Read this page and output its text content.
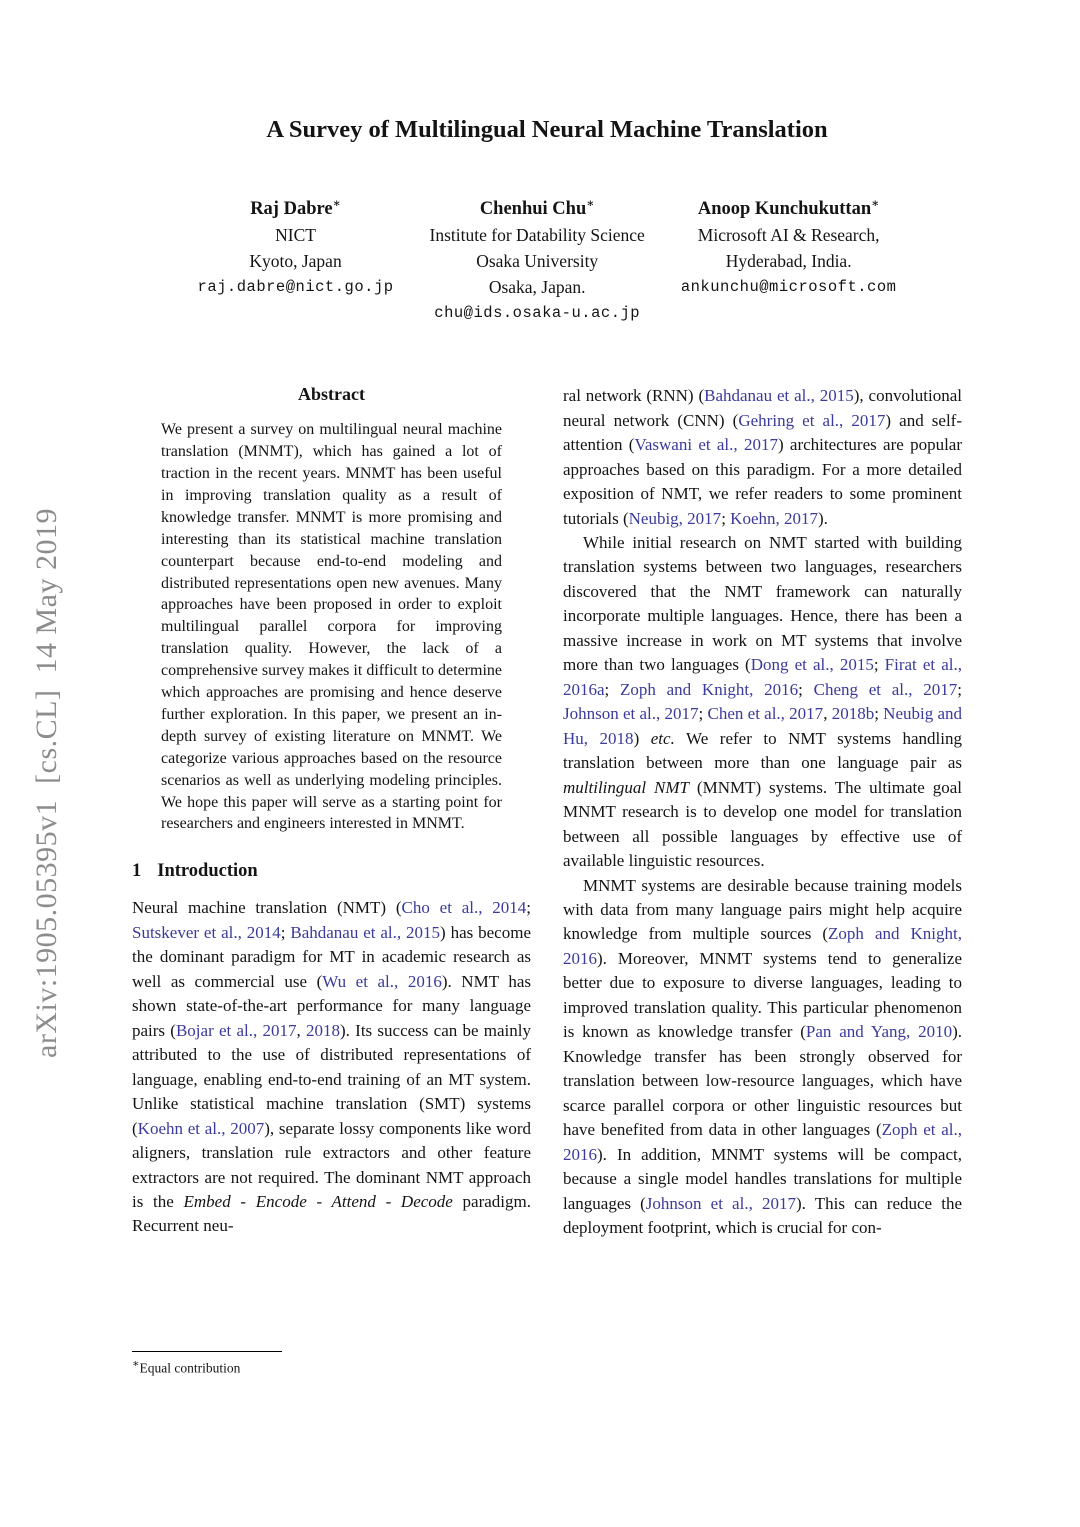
arXiv:1905.05395v1  [cs.CL]  14 May 2019
A Survey of Multilingual Neural Machine Translation
Raj Dabre∗
NICT
Kyoto, Japan
raj.dabre@nict.go.jp
Chenhui Chu∗
Institute for Datability Science
Osaka University
Osaka, Japan.
chu@ids.osaka-u.ac.jp
Anoop Kunchukuttan∗
Microsoft AI & Research,
Hyderabad, India.
ankunchu@microsoft.com
Abstract

We present a survey on multilingual neural machine translation (MNMT), which has gained a lot of traction in the recent years. MNMT has been useful in improving translation quality as a result of knowledge transfer. MNMT is more promising and interesting than its statistical machine translation counterpart because end-to-end modeling and distributed representations open new avenues. Many approaches have been proposed in order to exploit multilingual parallel corpora for improving translation quality. However, the lack of a comprehensive survey makes it difficult to determine which approaches are promising and hence deserve further exploration. In this paper, we present an in-depth survey of existing literature on MNMT. We categorize various approaches based on the resource scenarios as well as underlying modeling principles. We hope this paper will serve as a starting point for researchers and engineers interested in MNMT.

1 Introduction

Neural machine translation (NMT) (Cho et al., 2014; Sutskever et al., 2014; Bahdanau et al., 2015) has become the dominant paradigm for MT in academic research as well as commercial use (Wu et al., 2016). NMT has shown state-of-the-art performance for many language pairs (Bojar et al., 2017, 2018). Its success can be mainly attributed to the use of distributed representations of language, enabling end-to-end training of an MT system. Unlike statistical machine translation (SMT) systems (Koehn et al., 2007), separate lossy components like word aligners, translation rule extractors and other feature extractors are not required. The dominant NMT approach is the Embed - Encode - Attend - Decode paradigm. Recurrent neu-

∗Equal contribution

ral network (RNN) (Bahdanau et al., 2015), convolutional neural network (CNN) (Gehring et al., 2017) and self-attention (Vaswani et al., 2017) architectures are popular approaches based on this paradigm. For a more detailed exposition of NMT, we refer readers to some prominent tutorials (Neubig, 2017; Koehn, 2017).

While initial research on NMT started with building translation systems between two languages, researchers discovered that the NMT framework can naturally incorporate multiple languages. Hence, there has been a massive increase in work on MT systems that involve more than two languages (Dong et al., 2015; Firat et al., 2016a; Zoph and Knight, 2016; Cheng et al., 2017; Johnson et al., 2017; Chen et al., 2017, 2018b; Neubig and Hu, 2018) etc. We refer to NMT systems handling translation between more than one language pair as multilingual NMT (MNMT) systems. The ultimate goal MNMT research is to develop one model for translation between all possible languages by effective use of available linguistic resources.

MNMT systems are desirable because training models with data from many language pairs might help acquire knowledge from multiple sources (Zoph and Knight, 2016). Moreover, MNMT systems tend to generalize better due to exposure to diverse languages, leading to improved translation quality. This particular phenomenon is known as knowledge transfer (Pan and Yang, 2010). Knowledge transfer has been strongly observed for translation between low-resource languages, which have scarce parallel corpora or other linguistic resources but have benefited from data in other languages (Zoph et al., 2016). In addition, MNMT systems will be compact, because a single model handles translations for multiple languages (Johnson et al., 2017). This can reduce the deployment footprint, which is crucial for con-
